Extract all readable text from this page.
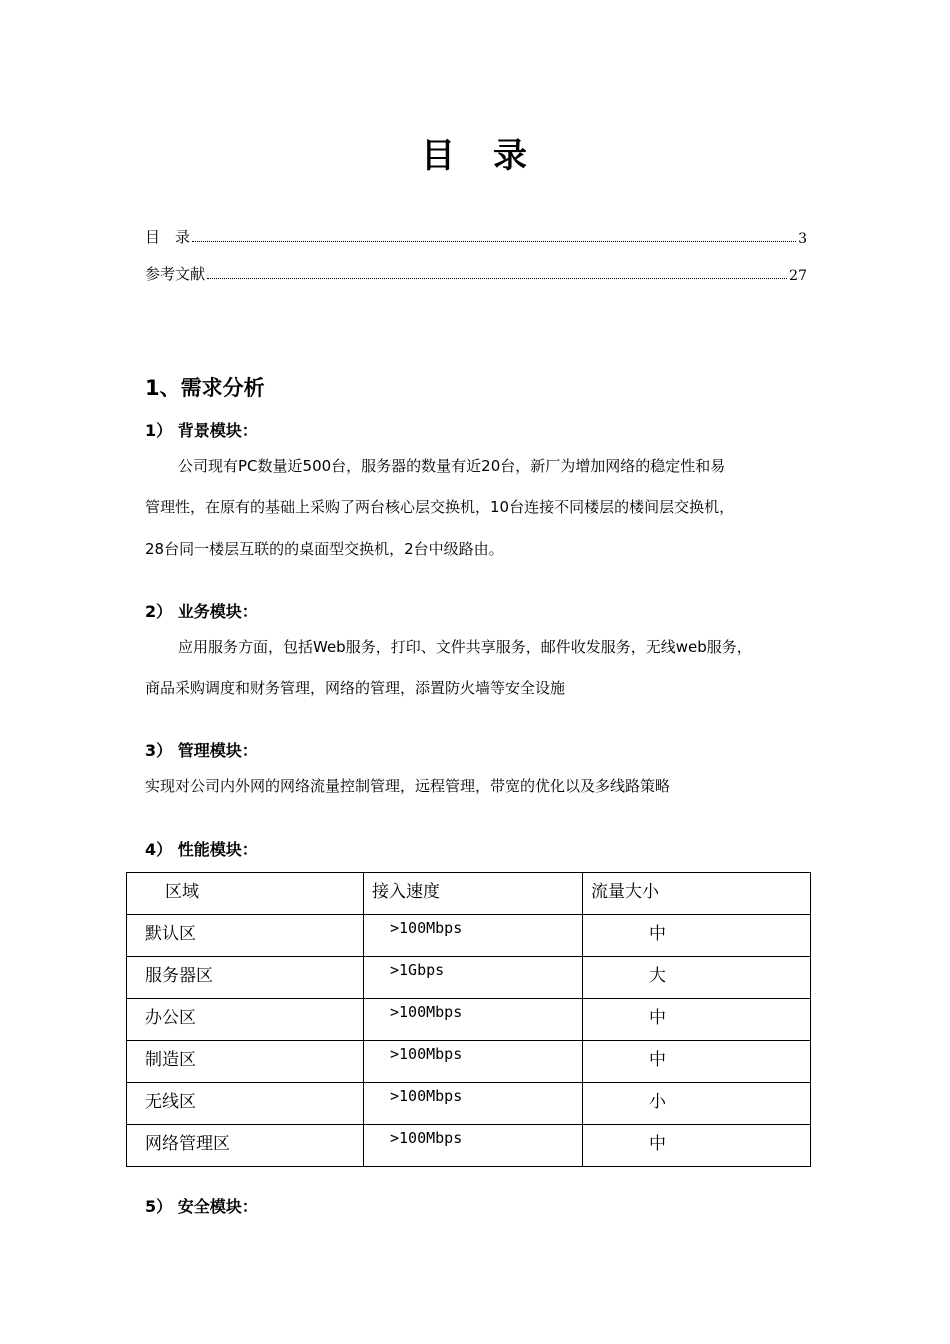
目 录
目　录	3
参考文献	27
1、需求分析
1） 背景模块：
公司现有PC数量近500台，服务器的数量有近20台，新厂为增加网络的稳定性和易
管理性，在原有的基础上采购了两台核心层交换机，10台连接不同楼层的楼间层交换机，
28台同一楼层互联的的桌面型交换机，2台中级路由。
2） 业务模块：
应用服务方面，包括Web服务，打印、文件共享服务，邮件收发服务，无线web服务，
商品采购调度和财务管理，网络的管理，添置防火墙等安全设施
3） 管理模块：
实现对公司内外网的网络流量控制管理，远程管理，带宽的优化以及多线路策略
4） 性能模块：
区域	接入速度	流量大小

默认区	>100Mbps	中

服务器区	>1Gbps	大

办公区	>100Mbps	中

制造区	>100Mbps	中

无线区	>100Mbps	小

网络管理区	>100Mbps	中
5） 安全模块：
